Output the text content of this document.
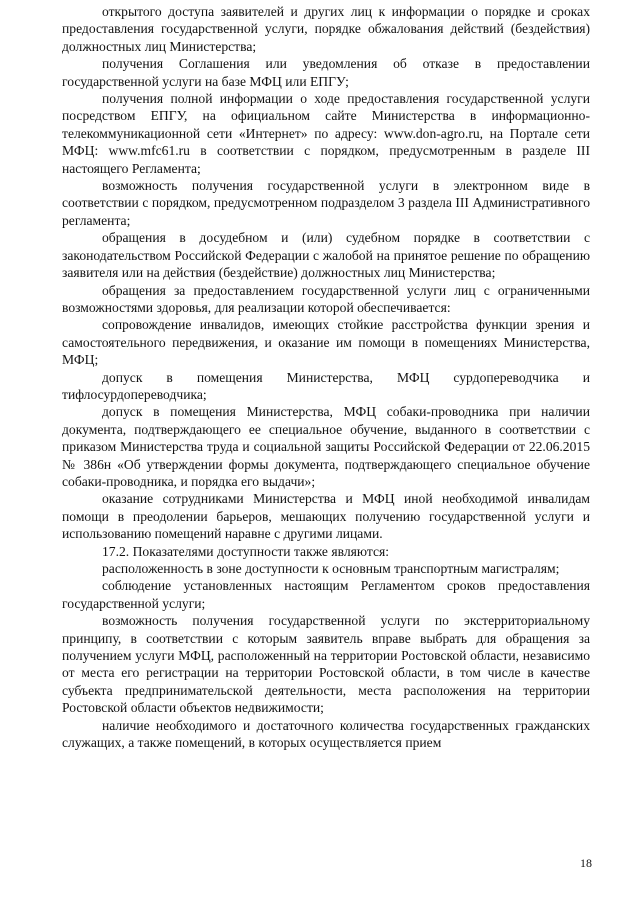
открытого доступа заявителей и других лиц к информации о порядке и сроках предоставления государственной услуги, порядке обжалования действий (бездействия) должностных лиц Министерства;

получения Соглашения или уведомления об отказе в предоставлении государственной услуги на базе МФЦ или ЕПГУ;

получения полной информации о ходе предоставления государственной услуги посредством ЕПГУ, на официальном сайте Министерства в информационно-телекоммуникационной сети «Интернет» по адресу: www.don-agro.ru, на Портале сети МФЦ: www.mfc61.ru в соответствии с порядком, предусмотренным в разделе III настоящего Регламента;

возможность получения государственной услуги в электронном виде в соответствии с порядком, предусмотренном подразделом 3 раздела III Административного регламента;

обращения в досудебном и (или) судебном порядке в соответствии с законодательством Российской Федерации с жалобой на принятое решение по обращению заявителя или на действия (бездействие) должностных лиц Министерства;

обращения за предоставлением государственной услуги лиц с ограниченными возможностями здоровья, для реализации которой обеспечивается:

сопровождение инвалидов, имеющих стойкие расстройства функции зрения и самостоятельного передвижения, и оказание им помощи в помещениях Министерства, МФЦ;

допуск в помещения Министерства, МФЦ сурдопереводчика и тифлосурдопереводчика;

допуск в помещения Министерства, МФЦ собаки-проводника при наличии документа, подтверждающего ее специальное обучение, выданного в соответствии с приказом Министерства труда и социальной защиты Российской Федерации от 22.06.2015 № 386н «Об утверждении формы документа, подтверждающего специальное обучение собаки-проводника, и порядка его выдачи»;

оказание сотрудниками Министерства и МФЦ иной необходимой инвалидам помощи в преодолении барьеров, мешающих получению государственной услуги и использованию помещений наравне с другими лицами.

17.2. Показателями доступности также являются:

расположенность в зоне доступности к основным транспортным магистралям;

соблюдение установленных настоящим Регламентом сроков предоставления государственной услуги;

возможность получения государственной услуги по экстерриториальному принципу, в соответствии с которым заявитель вправе выбрать для обращения за получением услуги МФЦ, расположенный на территории Ростовской области, независимо от места его регистрации на территории Ростовской области, в том числе в качестве субъекта предпринимательской деятельности, места расположения на территории Ростовской области объектов недвижимости;

наличие необходимого и достаточного количества государственных гражданских служащих, а также помещений, в которых осуществляется прием

18
